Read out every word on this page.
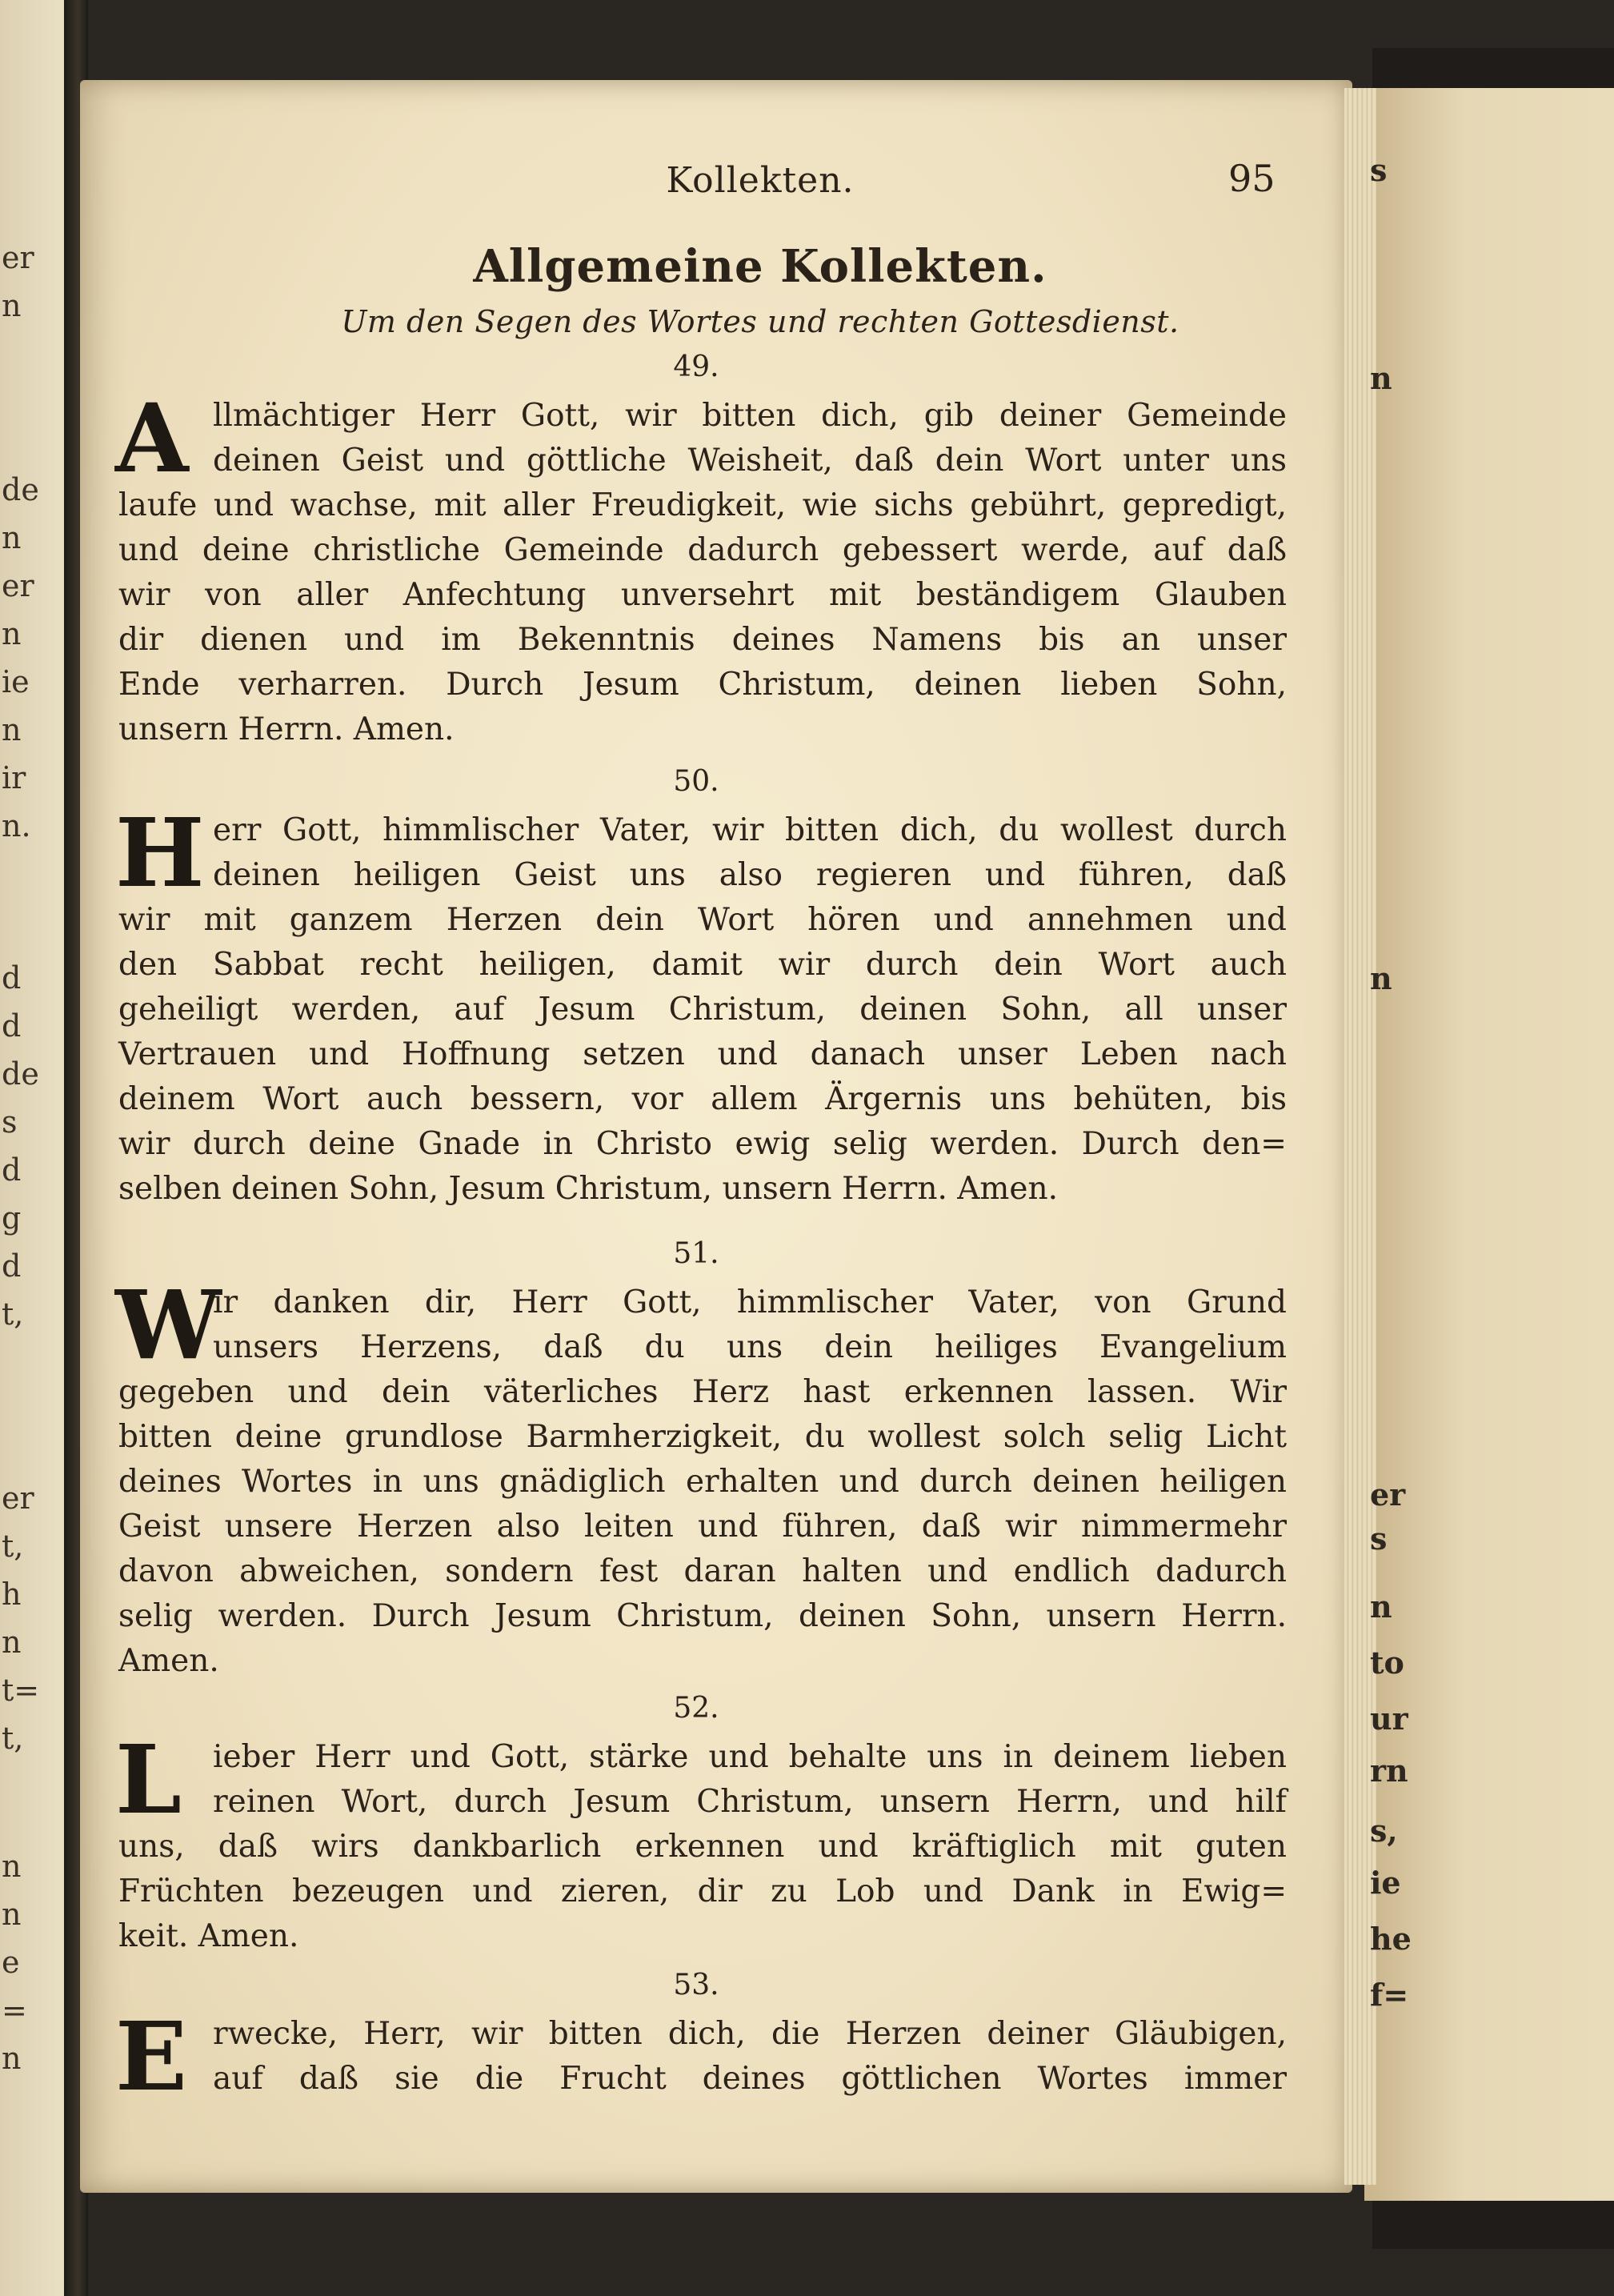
er
n
de
n
er
n
ie
n
ir
n.
d
d
de
s
d
g
d
t,
er
t,
h
n
t=
t,
n
n
e
=
n
s
n
n
er
s
n
to
ur
rn
s,
ie
he
f=
Kollekten.	95
Allgemeine Kollekten.
Um den Segen des Wortes und rechten Gottesdienst.
49.
A llmächtiger Herr Gott, wir bitten dich, gib deiner Gemeinde
deinen Geist und göttliche Weisheit, daß dein Wort unter uns
laufe und wachse, mit aller Freudigkeit, wie sichs gebührt, gepredigt,
und deine christliche Gemeinde dadurch gebessert werde, auf daß
wir von aller Anfechtung unversehrt mit beständigem Glauben
dir dienen und im Bekenntnis deines Namens bis an unser
Ende verharren. Durch Jesum Christum, deinen lieben Sohn,
unsern Herrn. Amen.
50.
H err Gott, himmlischer Vater, wir bitten dich, du wollest durch
deinen heiligen Geist uns also regieren und führen, daß
wir mit ganzem Herzen dein Wort hören und annehmen und
den Sabbat recht heiligen, damit wir durch dein Wort auch
geheiligt werden, auf Jesum Christum, deinen Sohn, all unser
Vertrauen und Hoffnung setzen und danach unser Leben nach
deinem Wort auch bessern, vor allem Ärgernis uns behüten, bis
wir durch deine Gnade in Christo ewig selig werden. Durch den=
selben deinen Sohn, Jesum Christum, unsern Herrn. Amen.
51.
W
ir danken dir, Herr Gott, himmlischer Vater, von Grund
unsers Herzens, daß du uns dein heiliges Evangelium
gegeben und dein väterliches Herz hast erkennen lassen. Wir
bitten deine grundlose Barmherzigkeit, du wollest solch selig Licht
deines Wortes in uns gnädiglich erhalten und durch deinen heiligen
Geist unsere Herzen also leiten und führen, daß wir nimmermehr
davon abweichen, sondern fest daran halten und endlich dadurch
selig werden. Durch Jesum Christum, deinen Sohn, unsern Herrn.
Amen.
52.
L	ieber Herr und Gott, stärke und behalte uns in deinem lieben
reinen Wort, durch Jesum Christum, unsern Herrn, und hilf
uns, daß wirs dankbarlich erkennen und kräftiglich mit guten
Früchten bezeugen und zieren, dir zu Lob und Dank in Ewig=
keit. Amen.
53.
E rwecke, Herr, wir bitten dich, die Herzen deiner Gläubigen,
auf daß sie die Frucht deines göttlichen Wortes immer
